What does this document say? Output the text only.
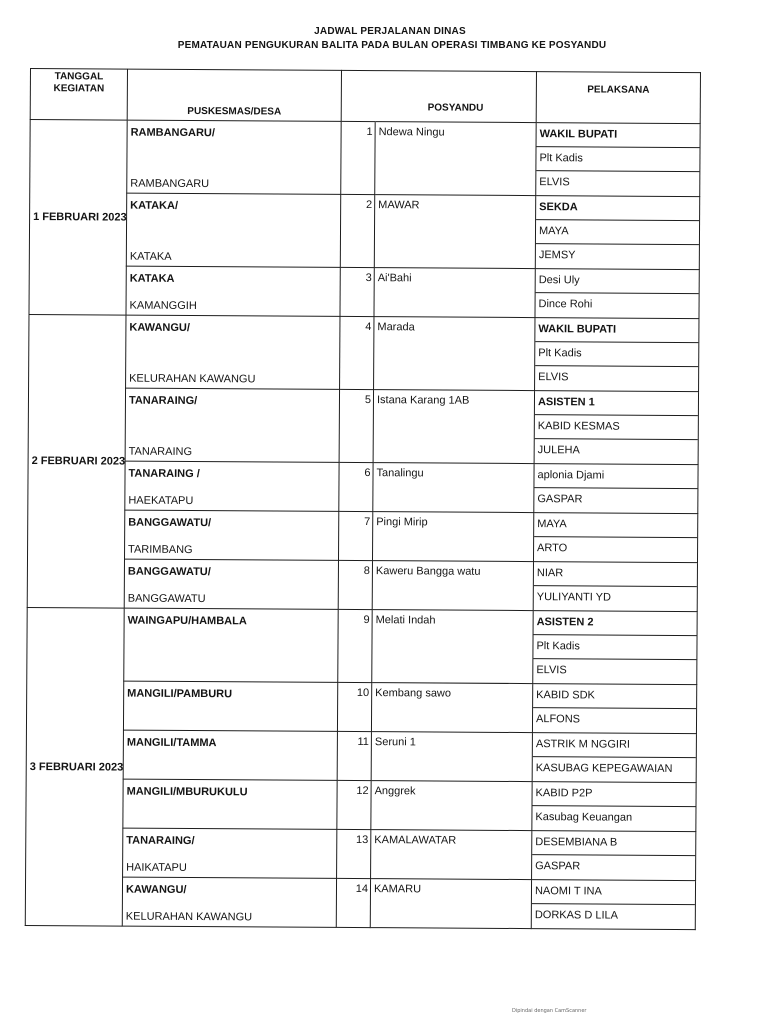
JADWAL PERJALANAN DINAS
PEMATAUAN PENGUKURAN BALITA PADA BULAN OPERASI TIMBANG KE POSYANDU
TANGGAL
KEGIATAN	PUSKESMAS/DESA		POSYANDU	PELAKSANA
1 FEBRUARI 2023	RAMBANGARU/
RAMBANGARU	1	Ndewa Ningu	WAKIL BUPATI
Plt Kadis
ELVIS

	KATAKA/
KATAKA	2	MAWAR	SEKDA
MAYA
JEMSY

	KATAKA
KAMANGGIH	3	Ai'Bahi	Desi Uly
Dince Rohi

2 FEBRUARI 2023	KAWANGU/
KELURAHAN KAWANGU	4	Marada	WAKIL BUPATI
Plt Kadis
ELVIS

	TANARAING/
TANARAING	5	Istana Karang 1AB	ASISTEN 1
KABID KESMAS
JULEHA

	TANARAING /
HAEKATAPU	6	Tanalingu	aplonia Djami
GASPAR

	BANGGAWATU/
TARIMBANG	7	Pingi Mirip	MAYA
ARTO

	BANGGAWATU/
BANGGAWATU	8	Kaweru Bangga watu	NIAR
YULIYANTI YD

3 FEBRUARI 2023	WAINGAPU/HAMBALA	9	Melati Indah	ASISTEN 2
Plt Kadis
ELVIS

	MANGILI/PAMBURU	10	Kembang sawo	KABID SDK
ALFONS

	MANGILI/TAMMA	11	Seruni 1	ASTRIK M NGGIRI
KASUBAG KEPEGAWAIAN

	MANGILI/MBURUKULU	12	Anggrek	KABID P2P
Kasubag Keuangan

	TANARAING/
HAIKATAPU	13	KAMALAWATAR	DESEMBIANA B
GASPAR

	KAWANGU/
KELURAHAN KAWANGU	14	KAMARU	NAOMI T INA
DORKAS D LILA
Dipindai dengan CamScanner
